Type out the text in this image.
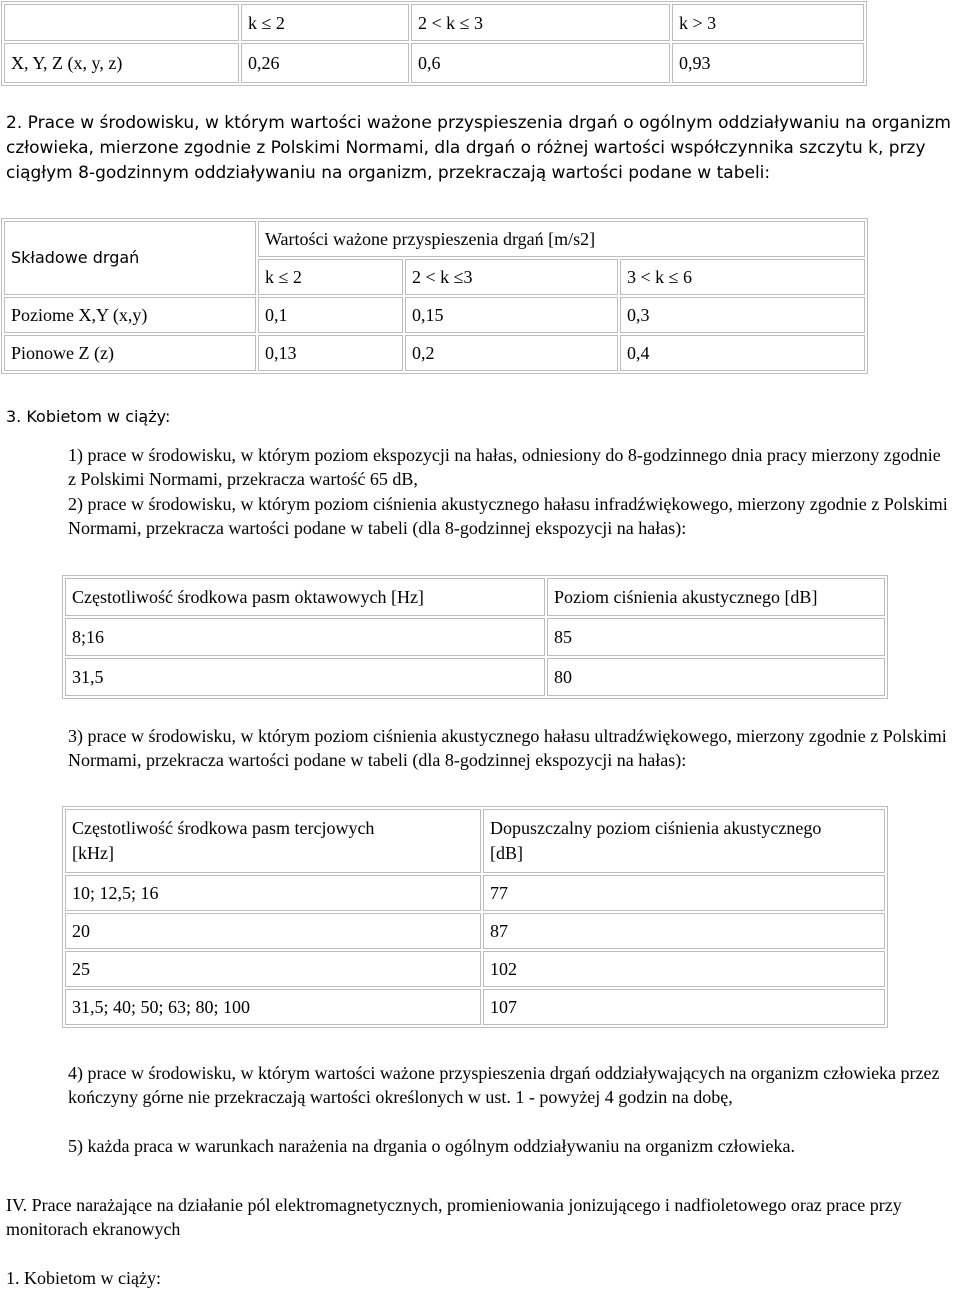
	k ≤ 2	2 < k ≤ 3	k > 3
X, Y, Z (x, y, z)	0,26	0,6	0,93

2. Prace w środowisku, w którym wartości ważone przyspieszenia drgań o ogólnym oddziaływaniu na organizm człowieka, mierzone zgodnie z Polskimi Normami, dla drgań o różnej wartości współczynnika szczytu k, przy ciągłym 8-godzinnym oddziaływaniu na organizm, przekraczają wartości podane w tabeli:

Składowe drgań	Wartości ważone przyspieszenia drgań [m/s2]		
	k ≤ 2	2 < k ≤3	3 < k ≤ 6
Poziome X,Y (x,y)	0,1	0,15	0,3
Pionowe Z (z)	0,13	0,2	0,4

3. Kobietom w ciąży:

1) prace w środowisku, w którym poziom ekspozycji na hałas, odniesiony do 8-godzinnego dnia pracy mierzony zgodnie z Polskimi Normami, przekracza wartość 65 dB,

2) prace w środowisku, w którym poziom ciśnienia akustycznego hałasu infradźwiękowego, mierzony zgodnie z Polskimi Normami, przekracza wartości podane w tabeli (dla 8-godzinnej ekspozycji na hałas):

Częstotliwość środkowa pasm oktawowych [Hz]	Poziom ciśnienia akustycznego [dB]
8;16	85
31,5	80

3) prace w środowisku, w którym poziom ciśnienia akustycznego hałasu ultradźwiękowego, mierzony zgodnie z Polskimi Normami, przekracza wartości podane w tabeli (dla 8-godzinnej ekspozycji na hałas):

Częstotliwość środkowa pasm tercjowych
[kHz]	Dopuszczalny poziom ciśnienia akustycznego
[dB]
10; 12,5; 16	77
20	87
25	102
31,5; 40; 50; 63; 80; 100	107

4) prace w środowisku, w którym wartości ważone przyspieszenia drgań oddziaływających na organizm człowieka przez kończyny górne nie przekraczają wartości określonych w ust. 1 - powyżej 4 godzin na dobę,

5) każda praca w warunkach narażenia na drgania o ogólnym oddziaływaniu na organizm człowieka.

IV. Prace narażające na działanie pól elektromagnetycznych, promieniowania jonizującego i nadfioletowego oraz prace przy monitorach ekranowych

1. Kobietom w ciąży:
